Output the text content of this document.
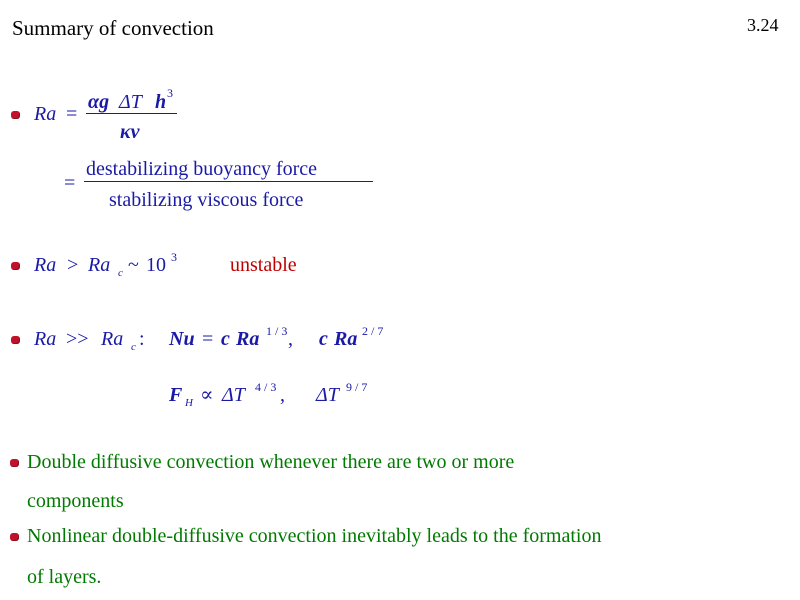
Summary of convection	3.24
Ra =
αg ΔT h 3
κν
=
destabilizing buoyancy force
stabilizing viscous force
Ra > Ra c ~ 10 3	unstable
Ra >> Ra c : Nu = c Ra 1 / 3 , c Ra 2 / 7
F H ∝ ΔT 4 / 3 , ΔT 9 / 7
Double diffusive convection whenever there are two or more
components
Nonlinear double-diffusive convection inevitably leads to the formation
of layers.
